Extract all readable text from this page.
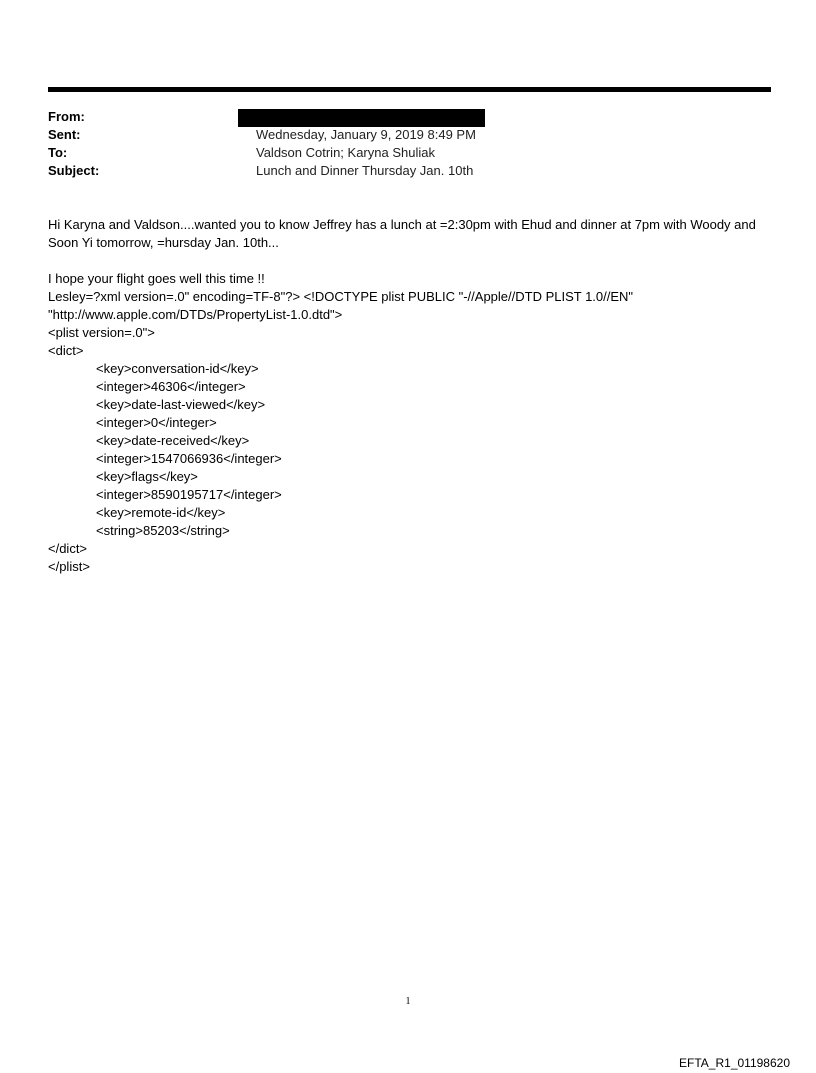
From:
Sent:	Wednesday, January 9, 2019 8:49 PM
To:	Valdson Cotrin; Karyna Shuliak
Subject:	Lunch and Dinner Thursday Jan. 10th

Hi Karyna and Valdson....wanted you to know Jeffrey has a lunch at =2:30pm with Ehud and dinner at 7pm with Woody and Soon Yi tomorrow, =hursday Jan. 10th...

I hope your flight goes well this time !!
Lesley=?xml version=.0" encoding=TF-8"?> <!DOCTYPE plist PUBLIC "-//Apple//DTD PLIST 1.0//EN"
"http://www.apple.com/DTDs/PropertyList-1.0.dtd">
<plist version=.0">
<dict>
<key>conversation-id</key>
<integer>46306</integer>
<key>date-last-viewed</key>
<integer>0</integer>
<key>date-received</key>
<integer>1547066936</integer>
<key>flags</key>
<integer>8590195717</integer>
<key>remote-id</key>
<string>85203</string>
</dict>
</plist>
1
EFTA_R1_01198620
